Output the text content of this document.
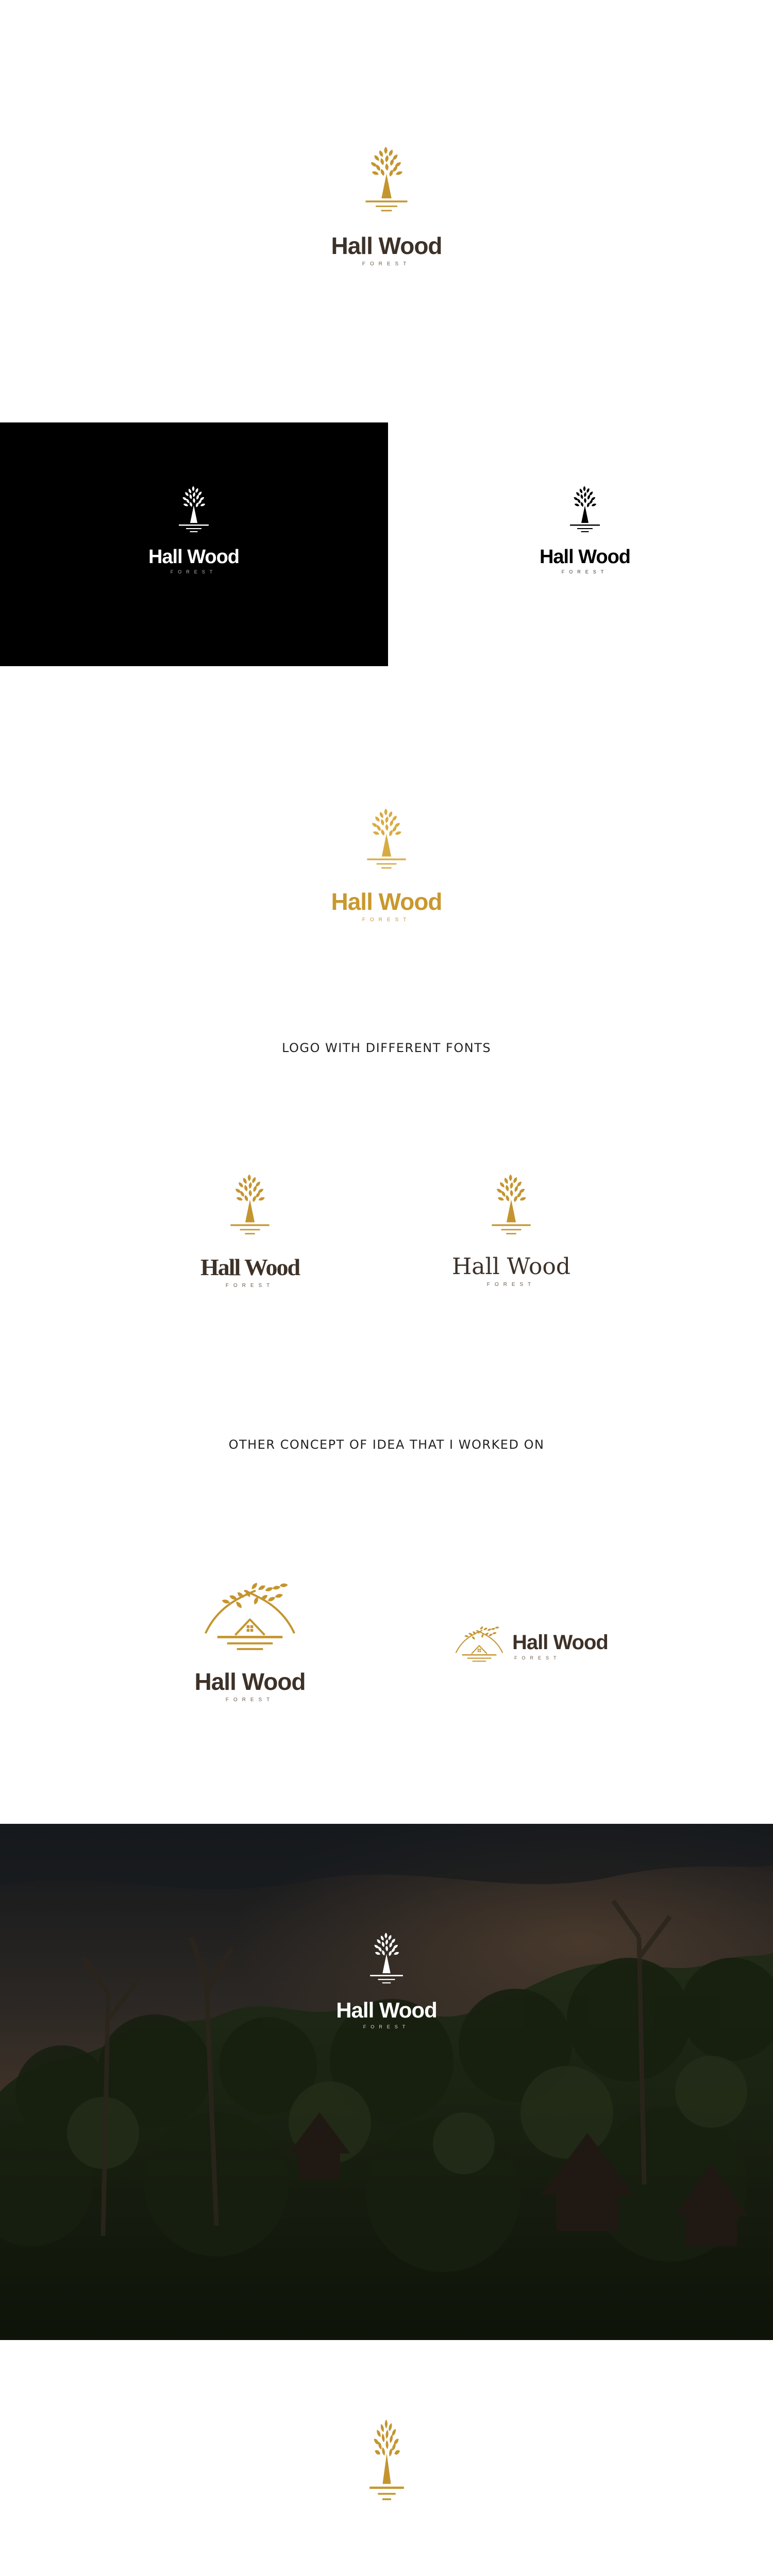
Hall Wood
FOREST
Hall Wood
FOREST
Hall Wood
FOREST
Hall Wood
FOREST
LOGO WITH DIFFERENT FONTS
Hall Wood
FOREST
Hall Wood
FOREST
OTHER CONCEPT OF IDEA THAT I WORKED ON
Hall Wood
FOREST
Hall Wood
FOREST
Hall Wood
FOREST
